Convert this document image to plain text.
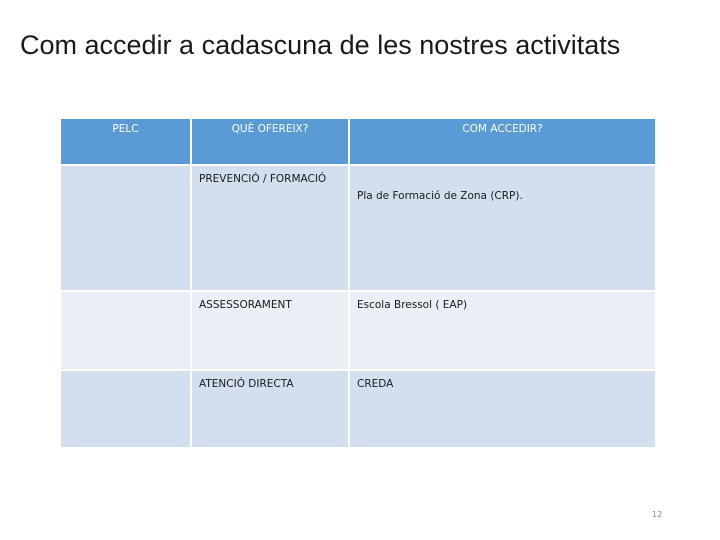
Com accedir a cadascuna de les nostres activitats
PELC	QUÈ OFEREIX?	COM ACCEDIR?
	PREVENCIÓ / FORMACIÓ	Pla de Formació de Zona (CRP).
	ASSESSORAMENT	Escola Bressol ( EAP)
	ATENCIÓ DIRECTA	CREDA
12
